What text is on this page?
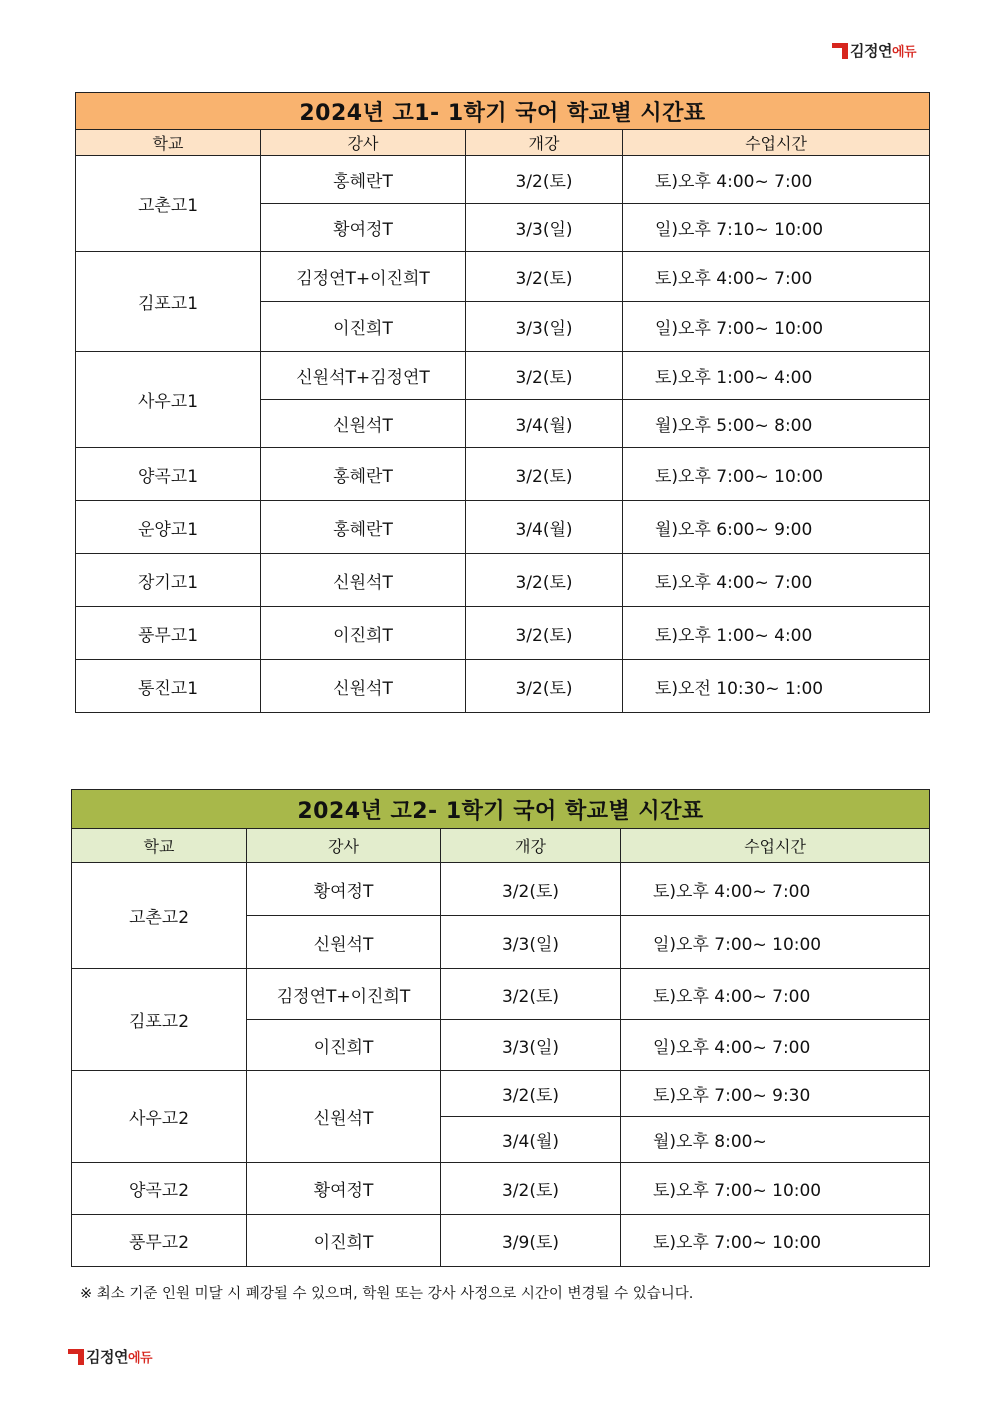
김정연 에듀
2024년 고1- 1학기 국어 학교별 시간표			
학교	강사	개강	수업시간
고촌고1	홍혜란T	3/2(토)	토)오후 4:00~ 7:00
	황여정T	3/3(일)	일)오후 7:10~ 10:00
김포고1	김정연T+이진희T	3/2(토)	토)오후 4:00~ 7:00
	이진희T	3/3(일)	일)오후 7:00~ 10:00
사우고1	신원석T+김정연T	3/2(토)	토)오후 1:00~ 4:00
	신원석T	3/4(월)	월)오후 5:00~ 8:00
양곡고1	홍혜란T	3/2(토)	토)오후 7:00~ 10:00
운양고1	홍혜란T	3/4(월)	월)오후 6:00~ 9:00
장기고1	신원석T	3/2(토)	토)오후 4:00~ 7:00
풍무고1	이진희T	3/2(토)	토)오후 1:00~ 4:00
통진고1	신원석T	3/2(토)	토)오전 10:30~ 1:00
2024년 고2- 1학기 국어 학교별 시간표			
학교	강사	개강	수업시간
고촌고2	황여정T	3/2(토)	토)오후 4:00~ 7:00
	신원석T	3/3(일)	일)오후 7:00~ 10:00
김포고2	김정연T+이진희T	3/2(토)	토)오후 4:00~ 7:00
	이진희T	3/3(일)	일)오후 4:00~ 7:00
사우고2	신원석T	3/2(토)	토)오후 7:00~ 9:30
		3/4(월)	월)오후 8:00~
양곡고2	황여정T	3/2(토)	토)오후 7:00~ 10:00
풍무고2	이진희T	3/9(토)	토)오후 7:00~ 10:00
※ 최소 기준 인원 미달 시 폐강될 수 있으며, 학원 또는 강사 사정으로 시간이 변경될 수 있습니다.
김정연 에듀
